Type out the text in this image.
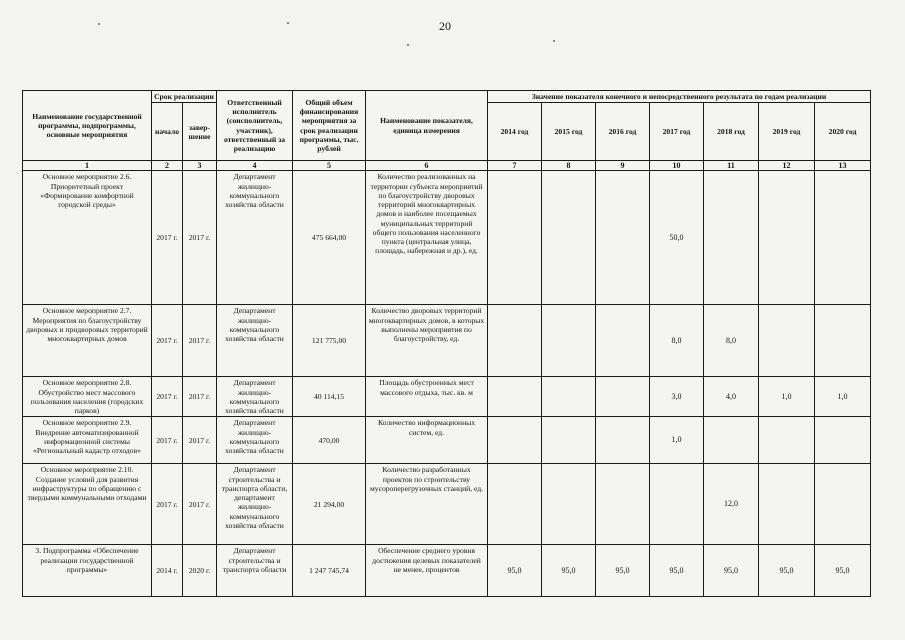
20
Наименование государственной программы, подпрограммы, основные мероприятия	Срок реализации		Ответственный исполнитель (соисполнитель, участник), ответственный за реализацию	Общий объем финансирования мероприятия за срок реализации программы, тыс. рублей	Наименование показателя, единица измерения	Значение показателя конечного и непосредственного результата по годам реализации						
	начало	завер-шение				2014 год	2015 год	2016 год	2017 год	2018 год	2019 год	2020 год
1	2	3	4	5	6	7	8	9	10	11	12	13
Основное мероприятие 2.6. Приоритетный проект «Формирование комфортной городской среды»	2017 г.	2017 г.	Департамент жилищно-коммунального хозяйства области	475 664,00	Количество реализованных на территории субъекта мероприятий по благоустройству дворовых территорий многоквартирных домов и наиболее посещаемых муниципальных территорий общего пользования населенного пункта (центральная улица, площадь, набережная и др.), ед.				50,0			
Основное мероприятие 2.7. Мероприятия по благоустройству дворовых и придворовых территорий многоквартирных домов	2017 г.	2017 г.	Департамент жилищно-коммунального хозяйства области	121 775,00	Количество дворовых территорий многоквартирных домов, в которых выполнены мероприятия по благоустройству, ед.				8,0	8,0		
Основное мероприятие 2.8. Обустройство мест массового пользования населения (городских парков)	2017 г.	2017 г.	Департамент жилищно-коммунального хозяйства области	40 114,15	Площадь обустроенных мест массового отдыха, тыс. кв. м				3,0	4,0	1,0	1,0
Основное мероприятие 2.9. Внедрение автоматизированной информационной системы «Региональный кадастр отходов»	2017 г.	2017 г.	Департамент жилищно-коммунального хозяйства области	470,00	Количество информационных систем, ед.				1,0			
Основное мероприятие 2.10. Создание условий для развития инфраструктуры по обращению с твердыми коммунальными отходами	2017 г.	2017 г.	Департамент строительства и транспорта области, департамент жилищно-коммунального хозяйства области	21 294,00	Количество разработанных проектов по строительству мусороперегрузочных станций, ед.					12,0		
3. Подпрограмма «Обеспечение реализации государственной программы»	2014 г.	2020 г.	Департамент строительства и транспорта области	1 247 745,74	Обеспечение среднего уровня достижения целевых показателей не менее, процентов	95,0	95,0	95,0	95,0	95,0	95,0	95,0
